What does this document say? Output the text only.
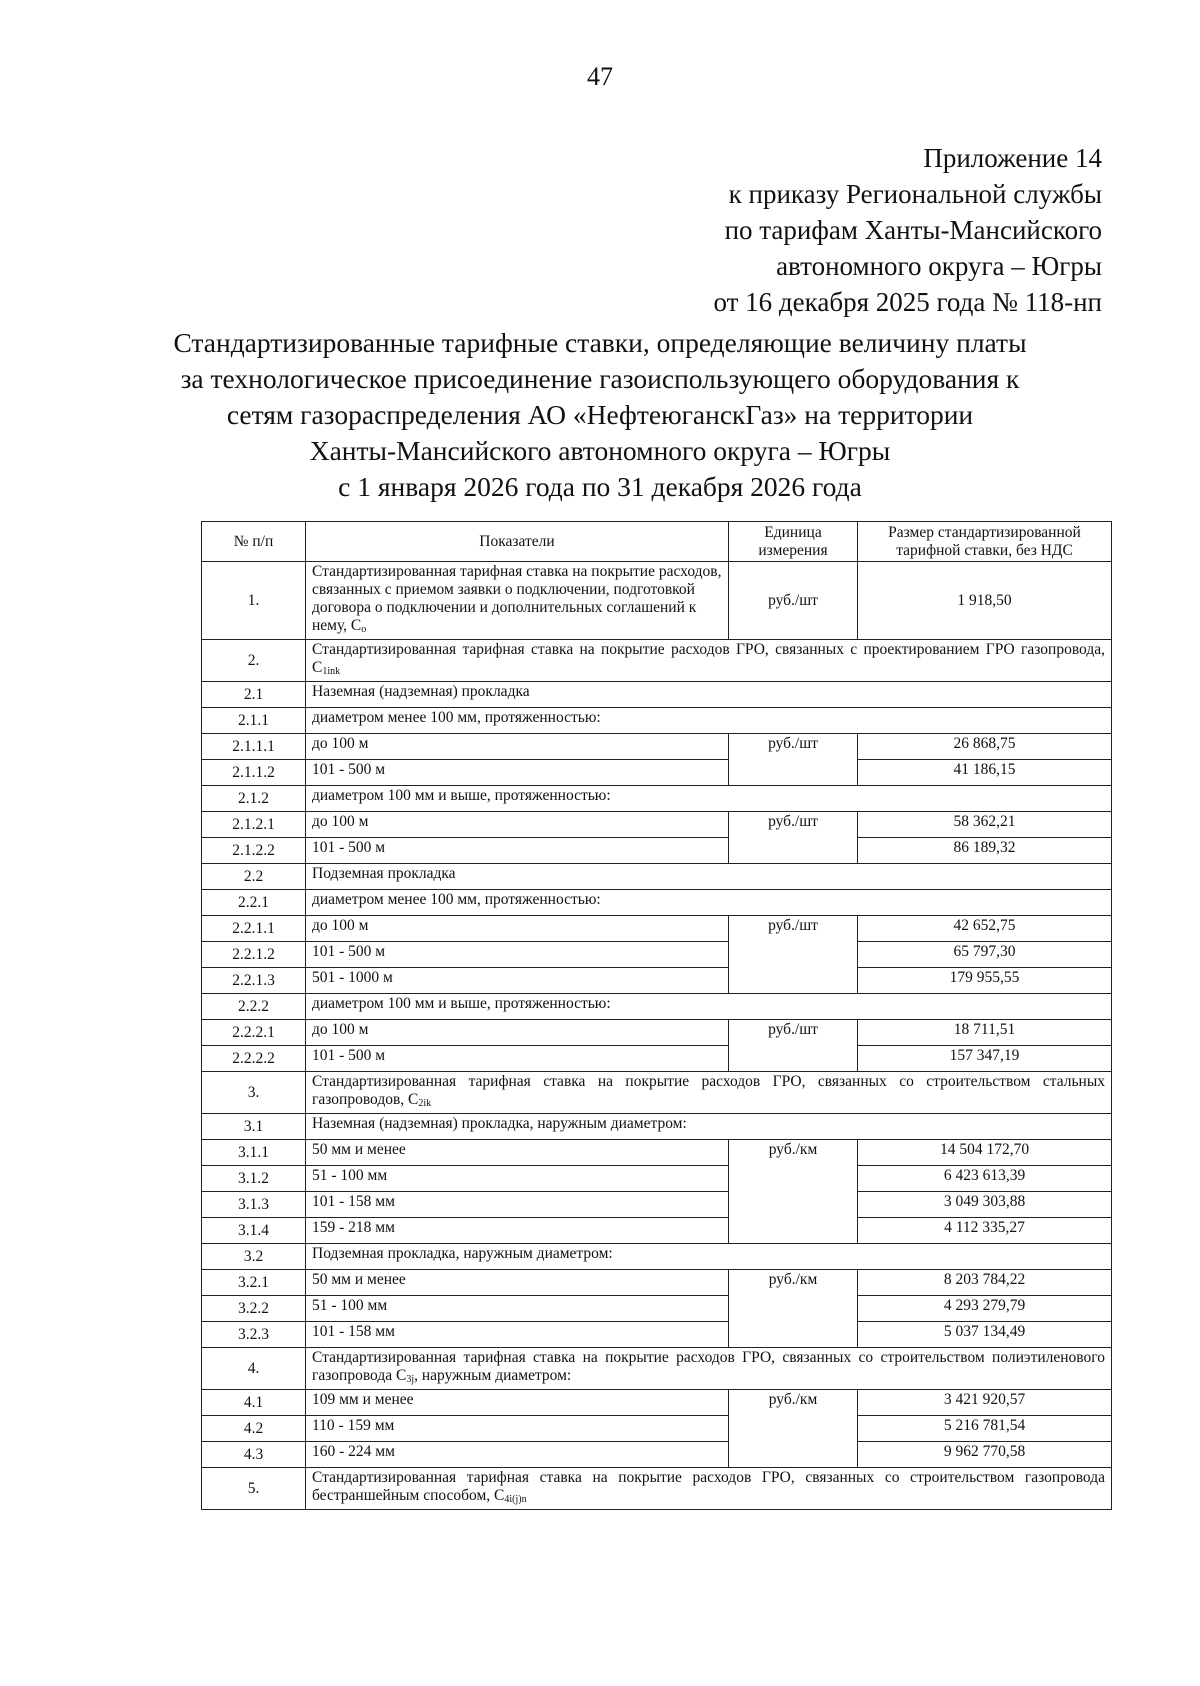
47
Приложение 14
к приказу Региональной службы
по тарифам Ханты-Мансийского
автономного округа – Югры
от 16 декабря 2025 года № 118-нп
Стандартизированные тарифные ставки, определяющие величину платы
за технологическое присоединение газоиспользующего оборудования к
сетям газораспределения АО «НефтеюганскГаз» на территории
Ханты-Мансийского автономного округа – Югры
с 1 января 2026 года по 31 декабря 2026 года
№ п/п	Показатели	Единица измерения	Размер стандартизированной тарифной ставки, без НДС
1.	Стандартизированная тарифная ставка на покрытие расходов, связанных с приемом заявки о подключении, подготовкой договора о подключении и дополнительных соглашений к нему, $C_o$	руб./шт	1 918,50
2.	Стандартизированная тарифная ставка на покрытие расходов ГРО, связанных с проектированием ГРО газопровода, $C_{1ink}$
2.1	Наземная (надземная) прокладка		
2.1.1	диаметром менее 100 мм, протяженностью:		
2.1.1.1	до 100 м	руб./шт	26 868,75
2.1.1.2	101 - 500 м		41 186,15
2.1.2	диаметром 100 мм и выше, протяженностью:		
2.1.2.1	до 100 м	руб./шт	58 362,21
2.1.2.2	101 - 500 м		86 189,32
2.2	Подземная прокладка		
2.2.1	диаметром менее 100 мм, протяженностью:		
2.2.1.1	до 100 м	руб./шт	42 652,75
2.2.1.2	101 - 500 м		65 797,30
2.2.1.3	501 - 1000 м		179 955,55
2.2.2	диаметром 100 мм и выше, протяженностью:		
2.2.2.1	до 100 м	руб./шт	18 711,51
2.2.2.2	101 - 500 м		157 347,19
3.	Стандартизированная тарифная ставка на покрытие расходов ГРО, связанных со строительством стальных газопроводов, $C_{2ik}$
3.1	Наземная (надземная) прокладка, наружным диаметром:		
3.1.1	50 мм и менее	руб./км	14 504 172,70
3.1.2	51 - 100 мм		6 423 613,39
3.1.3	101 - 158 мм		3 049 303,88
3.1.4	159 - 218 мм		4 112 335,27
3.2	Подземная прокладка, наружным диаметром:		
3.2.1	50 мм и менее	руб./км	8 203 784,22
3.2.2	51 - 100 мм		4 293 279,79
3.2.3	101 - 158 мм		5 037 134,49
4.	Стандартизированная тарифная ставка на покрытие расходов ГРО, связанных со строительством полиэтиленового газопровода $C_{3j}$, наружным диаметром:		
4.1	109 мм и менее	руб./км	3 421 920,57
4.2	110 - 159 мм		5 216 781,54
4.3	160 - 224 мм		9 962 770,58
5.	Стандартизированная тарифная ставка на покрытие расходов ГРО, связанных со строительством газопровода бестраншейным способом, $C_{4i(j)n}$
